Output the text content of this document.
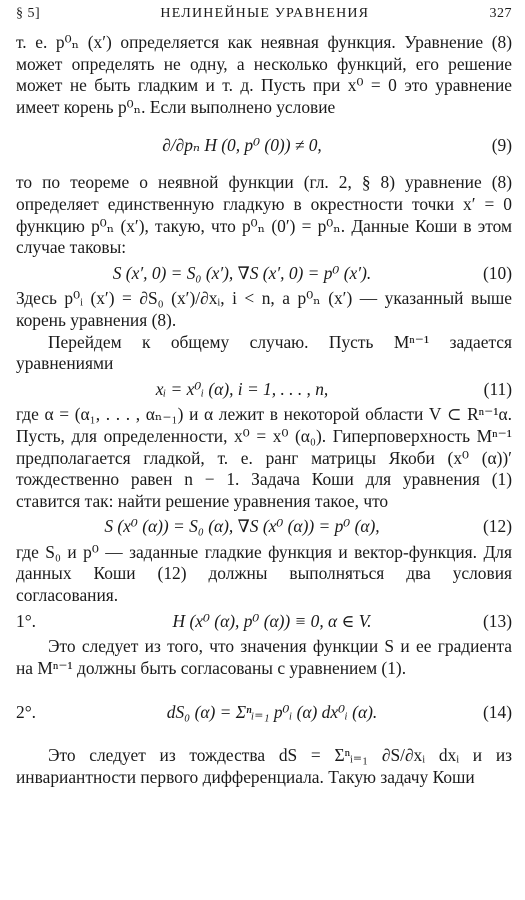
§ 5]	НЕЛИНЕЙНЫЕ УРАВНЕНИЯ	327

т. е. p⁰ₙ (x′) определяется как неявная функция. Уравнение (8) может определять не одну, а несколько функций, его решение может не быть гладким и т. д. Пусть при x⁰ = 0 это уравнение имеет корень p⁰ₙ. Если выполнено условие

∂/∂pₙ H (0, p⁰ (0)) ≠ 0,	(9)

то по теореме о неявной функции (гл. 2, § 8) уравнение (8) определяет единственную гладкую в окрестности точки x′ = 0 функцию p⁰ₙ (x′), такую, что p⁰ₙ (0′) = p⁰ₙ. Данные Коши в этом случае таковы:

S (x′, 0) = S₀ (x′), ∇S (x′, 0) = p⁰ (x′).	(10)

Здесь p⁰ᵢ (x′) = ∂S₀ (x′)/∂xᵢ, i < n, а p⁰ₙ (x′) — указанный выше корень уравнения (8).

Перейдем к общему случаю. Пусть Mⁿ⁻¹ задается уравнениями

xᵢ = x⁰ᵢ (α), i = 1, . . . , n,	(11)

где α = (α₁, . . . , αₙ₋₁) и α лежит в некоторой области V ⊂ Rⁿ⁻¹α. Пусть, для определенности, x⁰ = x⁰ (α₀). Гиперповерхность Mⁿ⁻¹ предполагается гладкой, т. е. ранг матрицы Якоби (x⁰ (α))′ тождественно равен n − 1. Задача Коши для уравнения (1) ставится так: найти решение уравнения такое, что

S (x⁰ (α)) = S₀ (α), ∇S (x⁰ (α)) = p⁰ (α),	(12)

где S₀ и p⁰ — заданные гладкие функция и вектор-функция. Для данных Коши (12) должны выполняться два условия согласования.

1°.	H (x⁰ (α), p⁰ (α)) ≡ 0, α ∈ V.	(13)

Это следует из того, что значения функции S и ее градиента на Mⁿ⁻¹ должны быть согласованы с уравнением (1).

2°.	dS₀ (α) = Σⁿᵢ₌₁ p⁰ᵢ (α) dx⁰ᵢ (α).	(14)

Это следует из тождества dS = Σⁿᵢ₌₁ ∂S/∂xᵢ dxᵢ и из инвариантности первого дифференциала. Такую задачу Коши
